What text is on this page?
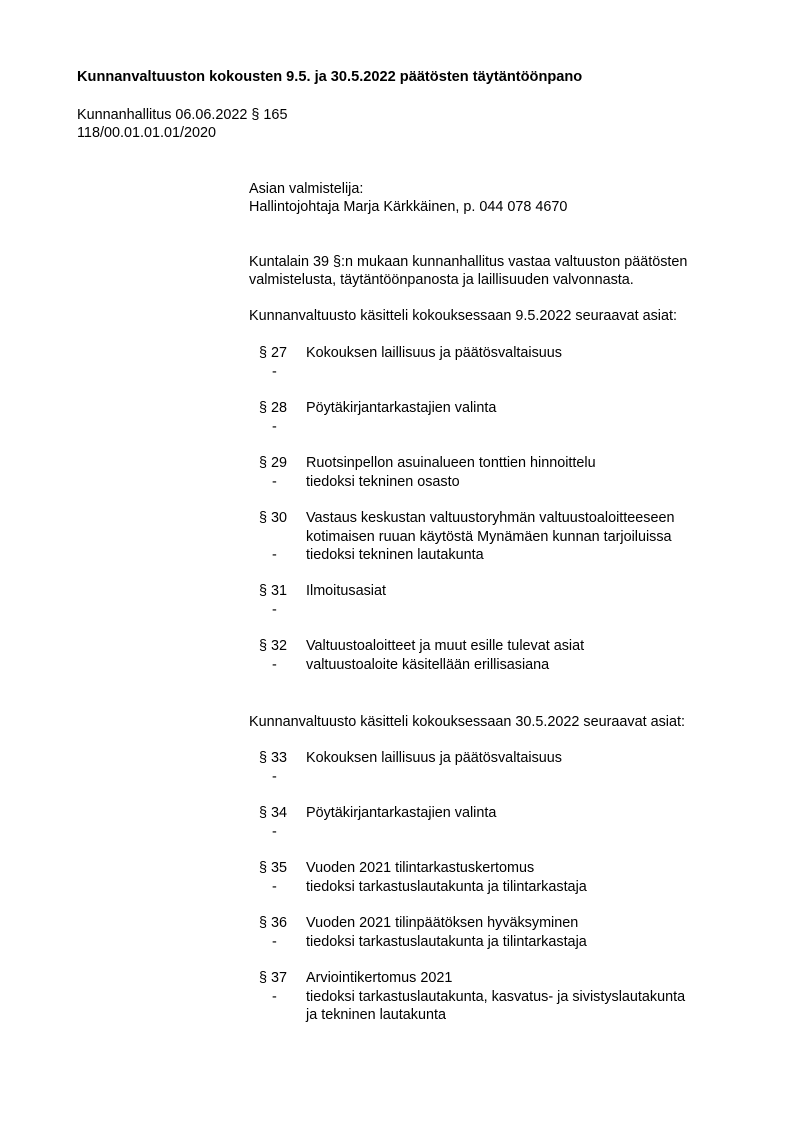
Kunnanvaltuuston kokousten 9.5. ja 30.5.2022 päätösten täytäntöönpano
Kunnanhallitus 06.06.2022 § 165
118/00.01.01.01/2020
Asian valmistelija:
Hallintojohtaja Marja Kärkkäinen, p. 044 078 4670
Kuntalain 39 §:n mukaan kunnanhallitus vastaa valtuuston päätösten
valmistelusta, täytäntöönpanosta ja laillisuuden valvonnasta.
Kunnanvaltuusto käsitteli kokouksessaan 9.5.2022 seuraavat asiat:
§ 27	Kokouksen laillisuus ja päätösvaltaisuus
-
§ 28	Pöytäkirjantarkastajien valinta
-
§ 29	Ruotsinpellon asuinalueen tonttien hinnoittelu
-	tiedoksi tekninen osasto
§ 30	Vastaus keskustan valtuustoryhmän valtuustoaloitteeseen
kotimaisen ruuan käytöstä Mynämäen kunnan tarjoiluissa
-	tiedoksi tekninen lautakunta
§ 31	Ilmoitusasiat
-
§ 32	Valtuustoaloitteet ja muut esille tulevat asiat
-	valtuustoaloite käsitellään erillisasiana
Kunnanvaltuusto käsitteli kokouksessaan 30.5.2022 seuraavat asiat:
§ 33	Kokouksen laillisuus ja päätösvaltaisuus
-
§ 34	Pöytäkirjantarkastajien valinta
-
§ 35	Vuoden 2021 tilintarkastuskertomus
-	tiedoksi tarkastuslautakunta ja tilintarkastaja
§ 36	Vuoden 2021 tilinpäätöksen hyväksyminen
-	tiedoksi tarkastuslautakunta ja tilintarkastaja
§ 37	Arviointikertomus 2021
-	tiedoksi tarkastuslautakunta, kasvatus- ja sivistyslautakunta
ja tekninen lautakunta
